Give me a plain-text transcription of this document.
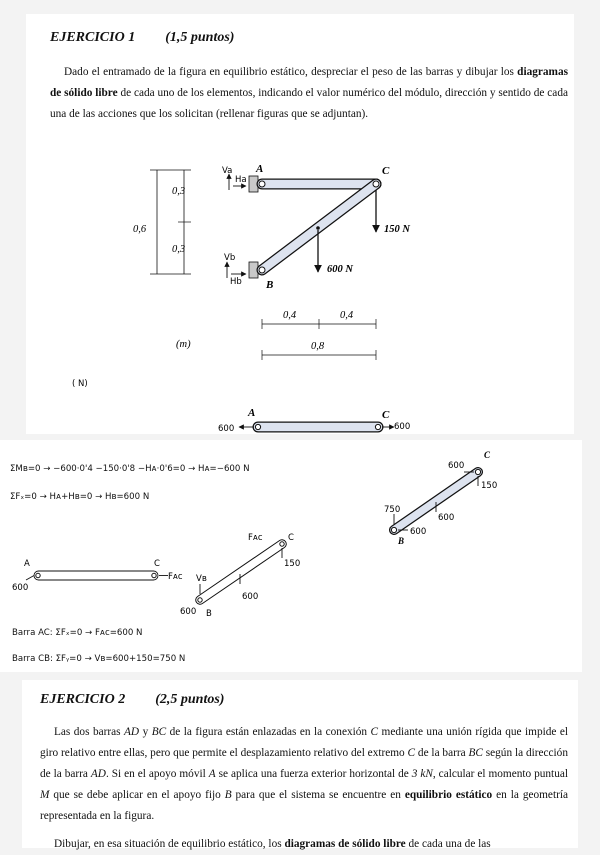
EJERCICIO 1 (1,5 puntos)
Dado el entramado de la figura en equilibrio estático, despreciar el peso de las barras y dibujar los diagramas de sólido libre de cada uno de los elementos, indicando el valor numérico del módulo, dirección y sentido de cada una de las acciones que los solicitan (rellenar figuras que se adjuntan).
0,3
0,3
0,6
A	C
B
Va
Ha
Vb
Hb
150 N
600 N
0,4	0,4
0,8
(m)
( N)
A	C
600	600
ΣMʙ=0 → −600·0'4 −150·0'8 −Hᴀ·0'6=0 → Hᴀ=−600 N
ΣFₓ=0 → Hᴀ+Hʙ=0 → Hʙ=600 N
600
C
150
750
600
600
B
A	C
Fᴀᴄ
600
Fᴀᴄ	C
150
Vʙ
600
600 B
Barra AC: ΣFₓ=0 → Fᴀᴄ=600 N
Barra CB: ΣFᵧ=0 → Vʙ=600+150=750 N
EJERCICIO 2 (2,5 puntos)
Las dos barras AD y BC de la figura están enlazadas en la conexión C mediante una unión rígida que impide el giro relativo entre ellas, pero que permite el desplazamiento relativo del extremo C de la barra BC según la dirección de la barra AD. Si en el apoyo móvil A se aplica una fuerza exterior horizontal de 3 kN, calcular el momento puntual M que se debe aplicar en el apoyo fijo B para que el sistema se encuentre en equilibrio estático en la geometría representada en la figura.
Dibujar, en esa situación de equilibrio estático, los diagramas de sólido libre de cada una de las
